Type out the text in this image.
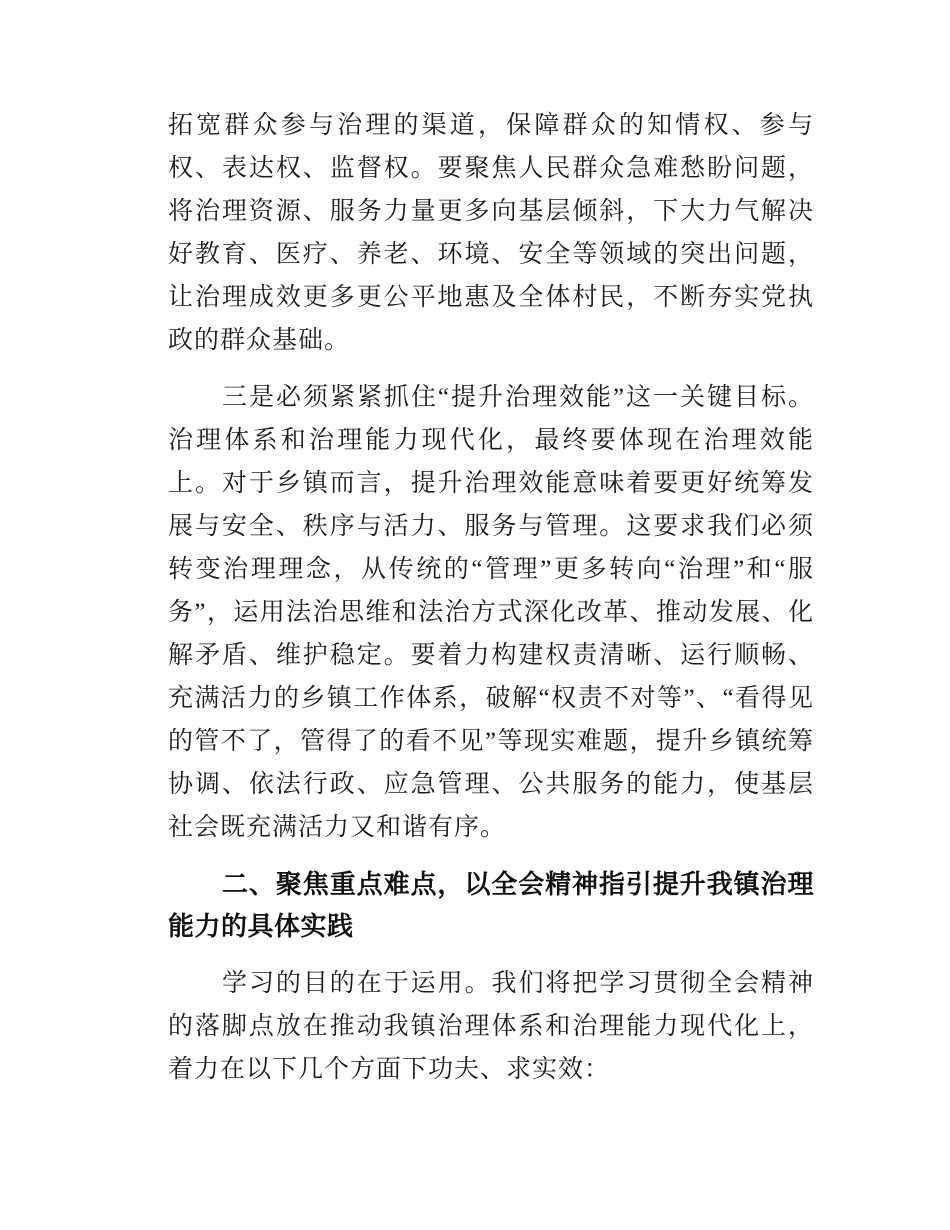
拓宽群众参与治理的渠道，保障群众的知情权、参与权、表达权、监督权。要聚焦人民群众急难愁盼问题，将治理资源、服务力量更多向基层倾斜，下大力气解决好教育、医疗、养老、环境、安全等领域的突出问题，让治理成效更多更公平地惠及全体村民，不断夯实党执政的群众基础。

三是必须紧紧抓住“提升治理效能”这一关键目标。治理体系和治理能力现代化，最终要体现在治理效能上。对于乡镇而言，提升治理效能意味着要更好统筹发展与安全、秩序与活力、服务与管理。这要求我们必须转变治理理念，从传统的“管理”更多转向“治理”和“服务”，运用法治思维和法治方式深化改革、推动发展、化解矛盾、维护稳定。要着力构建权责清晰、运行顺畅、充满活力的乡镇工作体系，破解“权责不对等”、“看得见的管不了，管得了的看不见”等现实难题，提升乡镇统筹协调、依法行政、应急管理、公共服务的能力，使基层社会既充满活力又和谐有序。

二、聚焦重点难点，以全会精神指引提升我镇治理能力的具体实践

学习的目的在于运用。我们将把学习贯彻全会精神的落脚点放在推动我镇治理体系和治理能力现代化上，着力在以下几个方面下功夫、求实效：
